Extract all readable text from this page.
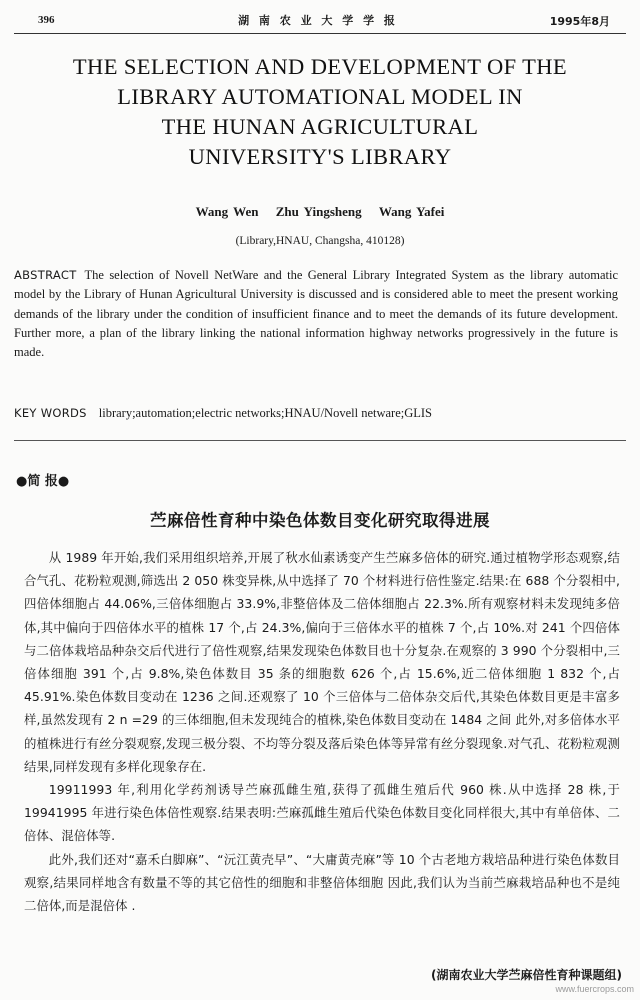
396	湖 南 农 业 大 学 学 报	1995年8月
THE SELECTION AND DEVELOPMENT OF THE
LIBRARY AUTOMATIONAL MODEL IN
THE HUNAN AGRICULTURAL
UNIVERSITY'S LIBRARY
Wang Wen Zhu Yingsheng Wang Yafei
(Library,HNAU, Changsha, 410128)
ABSTRACT The selection of Novell NetWare and the General Library Integrated System as the library automatic model by the Library of Hunan Agricultural University is discussed and is considered able to meet the present working demands of the library under the condition of insufficient finance and to meet the demands of its future development. Further more, a plan of the library linking the national information highway networks progressively in the future is made.
KEY WORDS library;automation;electric networks;HNAU/Novell netware;GLIS
●简 报●
苎麻倍性育种中染色体数目变化研究取得进展

从 1989 年开始,我们采用组织培养,开展了秋水仙素诱变产生苎麻多倍体的研究.通过植物学形态观察,结合气孔、花粉粒观测,筛选出 2 050 株变异株,从中选择了 70 个材料进行倍性鉴定.结果:在 688 个分裂相中,四倍体细胞占 44.06%,三倍体细胞占 33.9%,非整倍体及二倍体细胞占 22.3%.所有观察材料未发现纯多倍体,其中偏向于四倍体水平的植株 17 个,占 24.3%,偏向于三倍体水平的植株 7 个,占 10%.对 241 个四倍体与二倍体栽培品种杂交后代进行了倍性观察,结果发现染色体数目也十分复杂.在观察的 3 990 个分裂相中,三倍体细胞 391 个,占 9.8%,染色体数目 35 条的细胞数 626 个,占 15.6%,近二倍体细胞 1 832 个,占 45.91%.染色体数目变动在 1236 之间.还观察了 10 个三倍体与二倍体杂交后代,其染色体数目更是丰富多样,虽然发现有 2 n =29 的三体细胞,但未发现纯合的植株,染色体数目变动在 1484 之间 此外,对多倍体水平的植株进行有丝分裂观察,发现三极分裂、不均等分裂及落后染色体等异常有丝分裂现象.对气孔、花粉粒观测结果,同样发现有多样化现象存在.

19911993 年,利用化学药剂诱导苎麻孤雌生殖,获得了孤雌生殖后代 960 株.从中选择 28 株,于 19941995 年进行染色体倍性观察.结果表明:苎麻孤雌生殖后代染色体数目变化同样很大,其中有单倍体、二倍体、混倍体等.

此外,我们还对“嘉禾白脚麻”、“沅江黄壳早”、“大庸黄壳麻”等 10 个古老地方栽培品种进行染色体数目观察,结果同样地含有数量不等的其它倍性的细胞和非整倍体细胞 因此,我们认为当前苎麻栽培品种也不是纯二倍体,而是混倍体 .

(湖南农业大学苎麻倍性育种课题组)
www.fuercrops.com
